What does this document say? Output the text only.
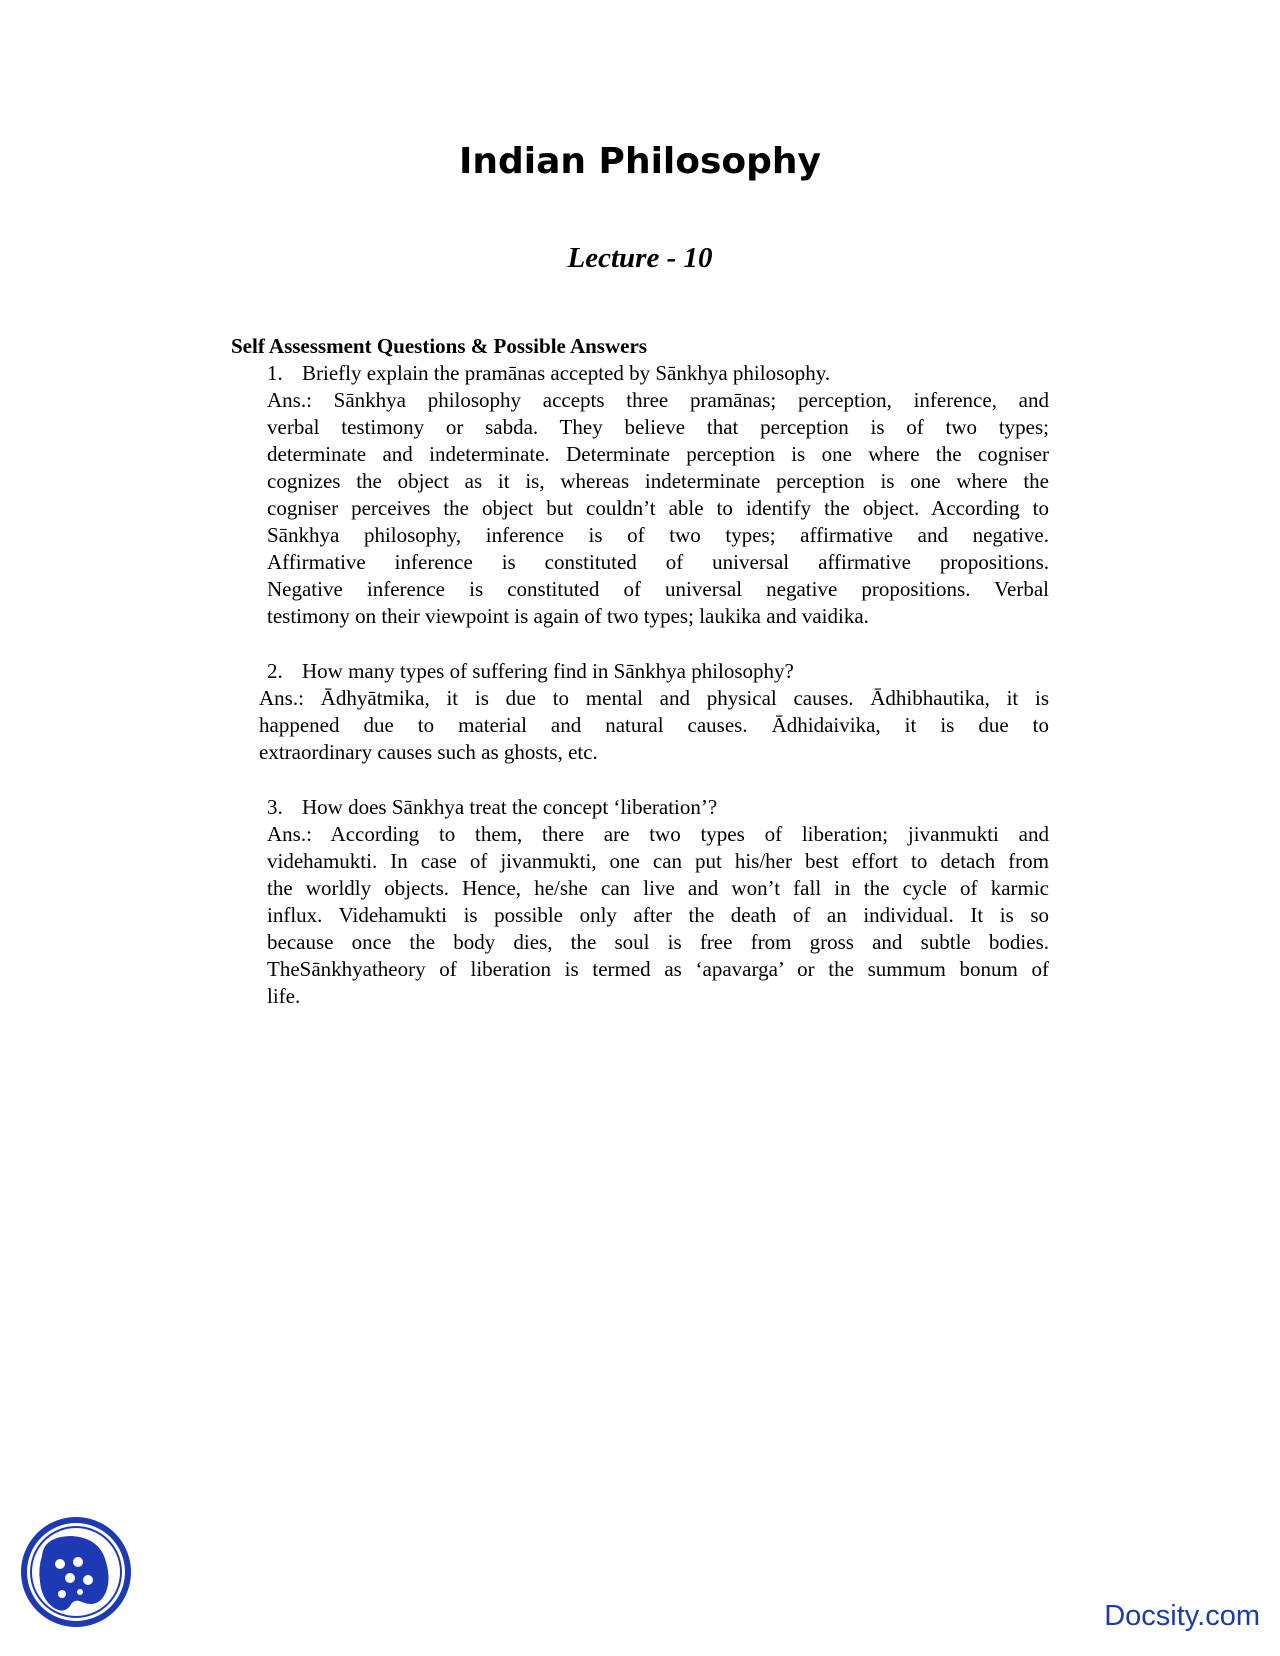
Indian Philosophy
Lecture - 10
Self Assessment Questions & Possible Answers
1. Briefly explain the pramānas accepted by Sānkhya philosophy.
Ans.: Sānkhya philosophy accepts three pramānas; perception, inference, and
verbal testimony or sabda. They believe that perception is of two types;
determinate and indeterminate. Determinate perception is one where the cogniser
cognizes the object as it is, whereas indeterminate perception is one where the
cogniser perceives the object but couldn’t able to identify the object. According to
Sānkhya philosophy, inference is of two types; affirmative and negative.
Affirmative inference is constituted of universal affirmative propositions.
Negative inference is constituted of universal negative propositions. Verbal
testimony on their viewpoint is again of two types; laukika and vaidika.
2. How many types of suffering find in Sānkhya philosophy?
Ans.: Ādhyātmika, it is due to mental and physical causes. Ādhibhautika, it is
happened due to material and natural causes. Ādhidaivika, it is due to
extraordinary causes such as ghosts, etc.
3. How does Sānkhya treat the concept ‘liberation’?
Ans.: According to them, there are two types of liberation; jivanmukti and
videhamukti. In case of jivanmukti, one can put his/her best effort to detach from
the worldly objects. Hence, he/she can live and won’t fall in the cycle of karmic
influx. Videhamukti is possible only after the death of an individual. It is so
because once the body dies, the soul is free from gross and subtle bodies.
TheSānkhyatheory of liberation is termed as ‘apavarga’ or the summum bonum of
life.
Docsity.com
